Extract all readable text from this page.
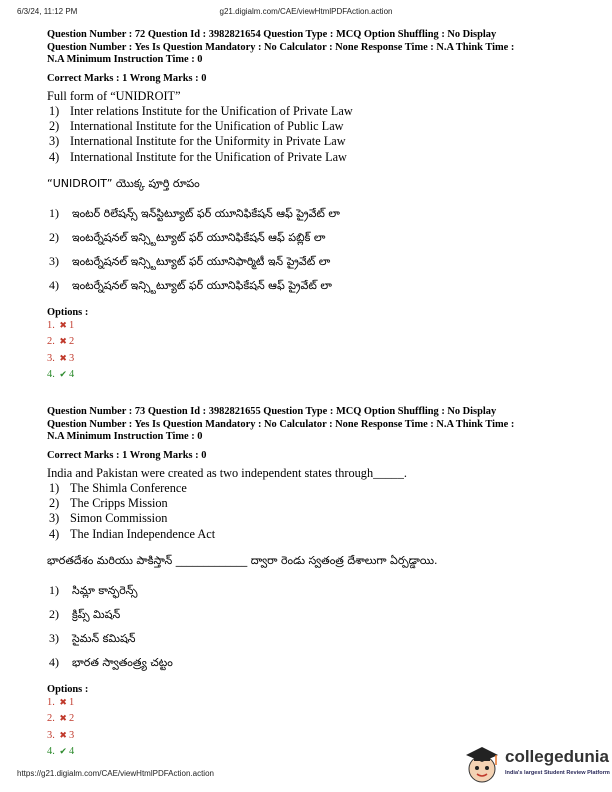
6/3/24, 11:12 PM	g21.digialm.com/CAE/viewHtmlPDFAction.action
Question Number : 72 Question Id : 3982821654 Question Type : MCQ Option Shuffling : No Display
Question Number : Yes Is Question Mandatory : No Calculator : None Response Time : N.A Think Time :
N.A Minimum Instruction Time : 0
Correct Marks : 1 Wrong Marks : 0
Full form of “UNIDROIT”
1) Inter relations Institute for the Unification of Private Law
2) International Institute for the Unification of Public Law
3) International Institute for the Uniformity in Private Law
4) International Institute for the Unification of Private Law
“UNIDROIT” యొక్క పూర్తి రూపం
1) ఇంటర్ రిలేషన్స్ ఇన్‌స్టిట్యూట్ ఫర్ యూనిఫికేషన్ ఆఫ్ ప్రైవేట్ లా
2) ఇంటర్నేషనల్ ఇన్స్టిట్యూట్ ఫర్ యూనిఫికేషన్ ఆఫ్ పబ్లిక్ లా
3) ఇంటర్నేషనల్ ఇన్స్టిట్యూట్ ఫర్ యూనిఫార్మిటీ ఇన్ ప్రైవేట్ లా
4) ఇంటర్నేషనల్ ఇన్స్టిట్యూట్ ఫర్ యూనిఫికేషన్ ఆఫ్ ప్రైవేట్ లా
Options :
1. ✖ 1
2. ✖ 2
3. ✖ 3
4. ✔ 4
Question Number : 73 Question Id : 3982821655 Question Type : MCQ Option Shuffling : No Display
Question Number : Yes Is Question Mandatory : No Calculator : None Response Time : N.A Think Time :
N.A Minimum Instruction Time : 0
Correct Marks : 1 Wrong Marks : 0
India and Pakistan were created as two independent states through_____.
1) The Shimla Conference
2) The Cripps Mission
3) Simon Commission
4) The Indian Independence Act
భారతదేశం మరియు పాకిస్తాన్ _____________ ద్వారా రెండు స్వతంత్ర దేశాలుగా ఏర్పడ్డాయి.
1) సిమ్లా కాన్ఫరెన్స్
2) క్రిప్స్ మిషన్
3) సైమన్ కమిషన్
4) భారత స్వాతంత్ర్య చట్టం
Options :
1. ✖ 1
2. ✖ 2
3. ✖ 3
4. ✔ 4
https://g21.digialm.com/CAE/viewHtmlPDFAction.action
collegedunia
India's largest Student Review Platform
